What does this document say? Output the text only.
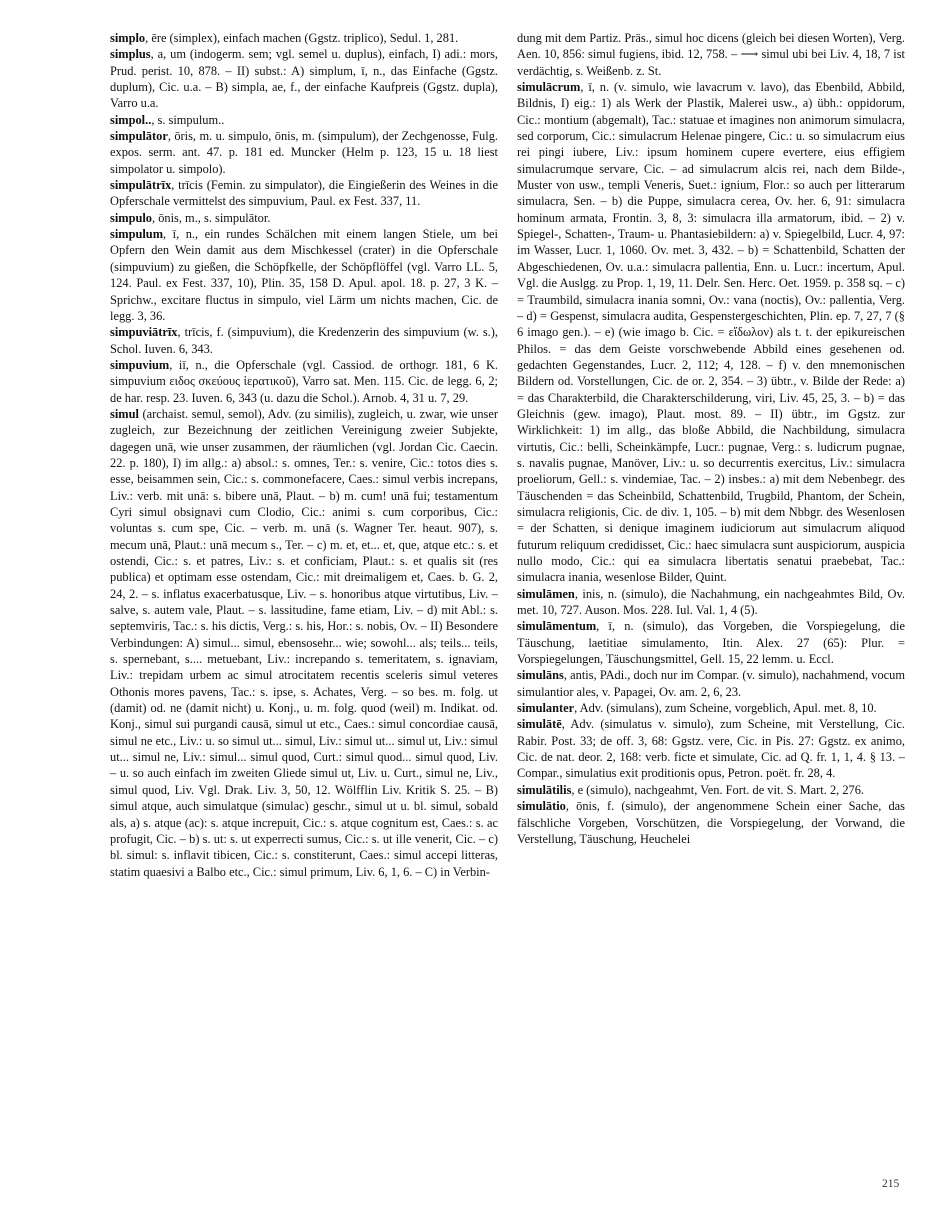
simplo, ēre (simplex), einfach machen (Ggstz. triplico), Sedul. 1, 281.

simplus, a, um (indogerm. sem; vgl. semel u. duplus), einfach, I) adi.: mors, Prud. perist. 10, 878. – II) subst.: A) simplum, ī, n., das Einfache (Ggstz. duplum), Cic. u.a. – B) simpla, ae, f., der einfache Kaufpreis (Ggstz. dupla), Varro u.a.

simpol.., s. simpulum..

simpulātor, ōris, m. u. simpulo, ōnis, m. (simpulum), der Zechgenosse, Fulg. expos. serm. ant. 47. p. 181 ed. Muncker (Helm p. 123, 15 u. 18 liest simpolator u. simpolo).

simpulātrīx, trīcis (Femin. zu simpulator), die Eingießerin des Weines in die Opferschale vermittelst des simpuvium, Paul. ex Fest. 337, 11.

simpulo, ōnis, m., s. simpulātor.

simpulum, ī, n., ein rundes Schälchen mit einem langen Stiele, um bei Opfern den Wein damit aus dem Mischkessel (crater) in die Opferschale (simpuvium) zu gießen, die Schöpfkelle, der Schöpflöffel (vgl. Varro LL. 5, 124. Paul. ex Fest. 337, 10), Plin. 35, 158 D. Apul. apol. 18. p. 27, 3 K. – Sprichw., excitare fluctus in simpulo, viel Lärm um nichts machen, Cic. de legg. 3, 36.

simpuviātrīx, trīcis, f. (simpuvium), die Kredenzerin des simpuvium (w. s.), Schol. Iuven. 6, 343.

simpuvium, iī, n., die Opferschale (vgl. Cassiod. de orthogr. 181, 6 K. simpuvium ειδος σκεύους ἱερατικοῦ), Varro sat. Men. 115. Cic. de legg. 6, 2; de har. resp. 23. Iuven. 6, 343 (u. dazu die Schol.). Arnob. 4, 31 u. 7, 29.

simul (archaist. semul, semol), Adv. (zu similis), zugleich, u. zwar, wie unser zugleich, zur Bezeichnung der zeitlichen Vereinigung zweier Subjekte, dagegen unā, wie unser zusammen, der räumlichen (vgl. Jordan Cic. Caecin. 22. p. 180), I) im allg.: a) absol.: s. omnes, Ter.: s. venire, Cic.: totos dies s. esse, beisammen sein, Cic.: s. commonefacere, Caes.: simul verbis increpans, Liv.: verb. mit unā: s. bibere unā, Plaut. – b) m. cum! unā fui; testamentum Cyri simul obsignavi cum Clodio, Cic.: animi s. cum corporibus, Cic.: voluntas s. cum spe, Cic. – verb. m. unā (s. Wagner Ter. heaut. 907), s. mecum unā, Plaut.: unā mecum s., Ter. – c) m. et, et... et, que, atque etc.: s. et ostendi, Cic.: s. et patres, Liv.: s. et conficiam, Plaut.: s. et qualis sit (res publica) et optimam esse ostendam, Cic.: mit dreimaligem et, Caes. b. G. 2, 24, 2. – s. inflatus exacerbatusque, Liv. – s. honoribus atque virtutibus, Liv. – salve, s. autem vale, Plaut. – s. lassitudine, fame etiam, Liv. – d) mit Abl.: s. septemviris, Tac.: s. his dictis, Verg.: s. his, Hor.: s. nobis, Ov. – II) Besondere Verbindungen: A) simul... simul, ebensosehr... wie; sowohl... als; teils... teils, s. spernebant, s.... metuebant, Liv.: increpando s. temeritatem, s. ignaviam, Liv.: trepidam urbem ac simul atrocitatem recentis sceleris simul veteres Othonis mores pavens, Tac.: s. ipse, s. Achates, Verg. – so bes. m. folg. ut (damit) od. ne (damit nicht) u. Konj., u. m. folg. quod (weil) m. Indikat. od. Konj., simul sui purgandi causā, simul ut etc., Caes.: simul concordiae causā, simul ne etc., Liv.: u. so simul ut... simul, Liv.: simul ut... simul ut, Liv.: simul ut... simul ne, Liv.: simul... simul quod, Curt.: simul quod... simul quod, Liv. – u. so auch einfach im zweiten Gliede simul ut, Liv. u. Curt., simul ne, Liv., simul quod, Liv. Vgl. Drak. Liv. 3, 50, 12. Wölfflin Liv. Kritik S. 25. – B) simul atque, auch simulatque (simulac) geschr., simul ut u. bl. simul, sobald als, a) s. atque (ac): s. atque increpuit, Cic.: s. atque cognitum est, Caes.: s. ac profugit, Cic. – b) s. ut: s. ut experrecti sumus, Cic.: s. ut ille venerit, Cic. – c) bl. simul: s. inflavit tibicen, Cic.: s. constiterunt, Caes.: simul accepi litteras, statim quaesivi a Balbo etc., Cic.: simul primum, Liv. 6, 1, 6. – C) in Verbin-

dung mit dem Partiz. Präs., simul hoc dicens (gleich bei diesen Worten), Verg. Aen. 10, 856: simul fugiens, ibid. 12, 758. – ⟶ simul ubi bei Liv. 4, 18, 7 ist verdächtig, s. Weißenb. z. St.

simulācrum, ī, n. (v. simulo, wie lavacrum v. lavo), das Ebenbild, Abbild, Bildnis, I) eig.: 1) als Werk der Plastik, Malerei usw., a) übh.: oppidorum, Cic.: montium (abgemalt), Tac.: statuae et imagines non animorum simulacra, sed corporum, Cic.: simulacrum Helenae pingere, Cic.: u. so simulacrum eius rei pingi iubere, Liv.: ipsum hominem cupere evertere, eius effigiem simulacrumque servare, Cic. – ad simulacrum alcis rei, nach dem Bilde-, Muster von usw., templi Veneris, Suet.: ignium, Flor.: so auch per litterarum simulacra, Sen. – b) die Puppe, simulacra cerea, Ov. her. 6, 91: simulacra hominum armata, Frontin. 3, 8, 3: simulacra illa armatorum, ibid. – 2) v. Spiegel-, Schatten-, Traum- u. Phantasiebildern: a) v. Spiegelbild, Lucr. 4, 97: im Wasser, Lucr. 1, 1060. Ov. met. 3, 432. – b) = Schattenbild, Schatten der Abgeschiedenen, Ov. u.a.: simulacra pallentia, Enn. u. Lucr.: incertum, Apul. Vgl. die Auslgg. zu Prop. 1, 19, 11. Delr. Sen. Herc. Oet. 1959. p. 358 sq. – c) = Traumbild, simulacra inania somni, Ov.: vana (noctis), Ov.: pallentia, Verg. – d) = Gespenst, simulacra audita, Gespenstergeschichten, Plin. ep. 7, 27, 7 (§ 6 imago gen.). – e) (wie imago b. Cic. = εἴδωλον) als t. t. der epikureischen Philos. = das dem Geiste vorschwebende Abbild eines gesehenen od. gedachten Gegenstandes, Lucr. 2, 112; 4, 128. – f) v. den mnemonischen Bildern od. Vorstellungen, Cic. de or. 2, 354. – 3) übtr., v. Bilde der Rede: a) = das Charakterbild, die Charakterschilderung, viri, Liv. 45, 25, 3. – b) = das Gleichnis (gew. imago), Plaut. most. 89. – II) übtr., im Ggstz. zur Wirklichkeit: 1) im allg., das bloße Abbild, die Nachbildung, simulacra virtutis, Cic.: belli, Scheinkämpfe, Lucr.: pugnae, Verg.: s. ludicrum pugnae, s. navalis pugnae, Manöver, Liv.: u. so decurrentis exercitus, Liv.: simulacra proeliorum, Gell.: s. vindemiae, Tac. – 2) insbes.: a) mit dem Nebenbegr. des Täuschenden = das Scheinbild, Schattenbild, Trugbild, Phantom, der Schein, simulacra religionis, Cic. de div. 1, 105. – b) mit dem Nbbgr. des Wesenlosen = der Schatten, si denique imaginem iudiciorum aut simulacrum aliquod futurum reliquum credidisset, Cic.: haec simulacra sunt auspiciorum, auspicia nullo modo, Cic.: qui ea simulacra libertatis senatui praebebat, Tac.: simulacra inania, wesenlose Bilder, Quint.

simulāmen, inis, n. (simulo), die Nachahmung, ein nachgeahmtes Bild, Ov. met. 10, 727. Auson. Mos. 228. Iul. Val. 1, 4 (5).

simulāmentum, ī, n. (simulo), das Vorgeben, die Vorspiegelung, die Täuschung, laetitiae simulamento, Itin. Alex. 27 (65): Plur. = Vorspiegelungen, Täuschungsmittel, Gell. 15, 22 lemm. u. Eccl.

simulāns, antis, PAdi., doch nur im Compar. (v. simulo), nachahmend, vocum simulantior ales, v. Papagei, Ov. am. 2, 6, 23.

simulanter, Adv. (simulans), zum Scheine, vorgeblich, Apul. met. 8, 10.

simulātē, Adv. (simulatus v. simulo), zum Scheine, mit Verstellung, Cic. Rabir. Post. 33; de off. 3, 68: Ggstz. vere, Cic. in Pis. 27: Ggstz. ex animo, Cic. de nat. deor. 2, 168: verb. ficte et simulate, Cic. ad Q. fr. 1, 1, 4. § 13. – Compar., simulatius exit proditionis opus, Petron. poët. fr. 28, 4.

simulātilis, e (simulo), nachgeahmt, Ven. Fort. de vit. S. Mart. 2, 276.

simulātio, ōnis, f. (simulo), der angenommene Schein einer Sache, das fälschliche Vorgeben, Vorschützen, die Vorspiegelung, der Vorwand, die Verstellung, Täuschung, Heuchelei

215
